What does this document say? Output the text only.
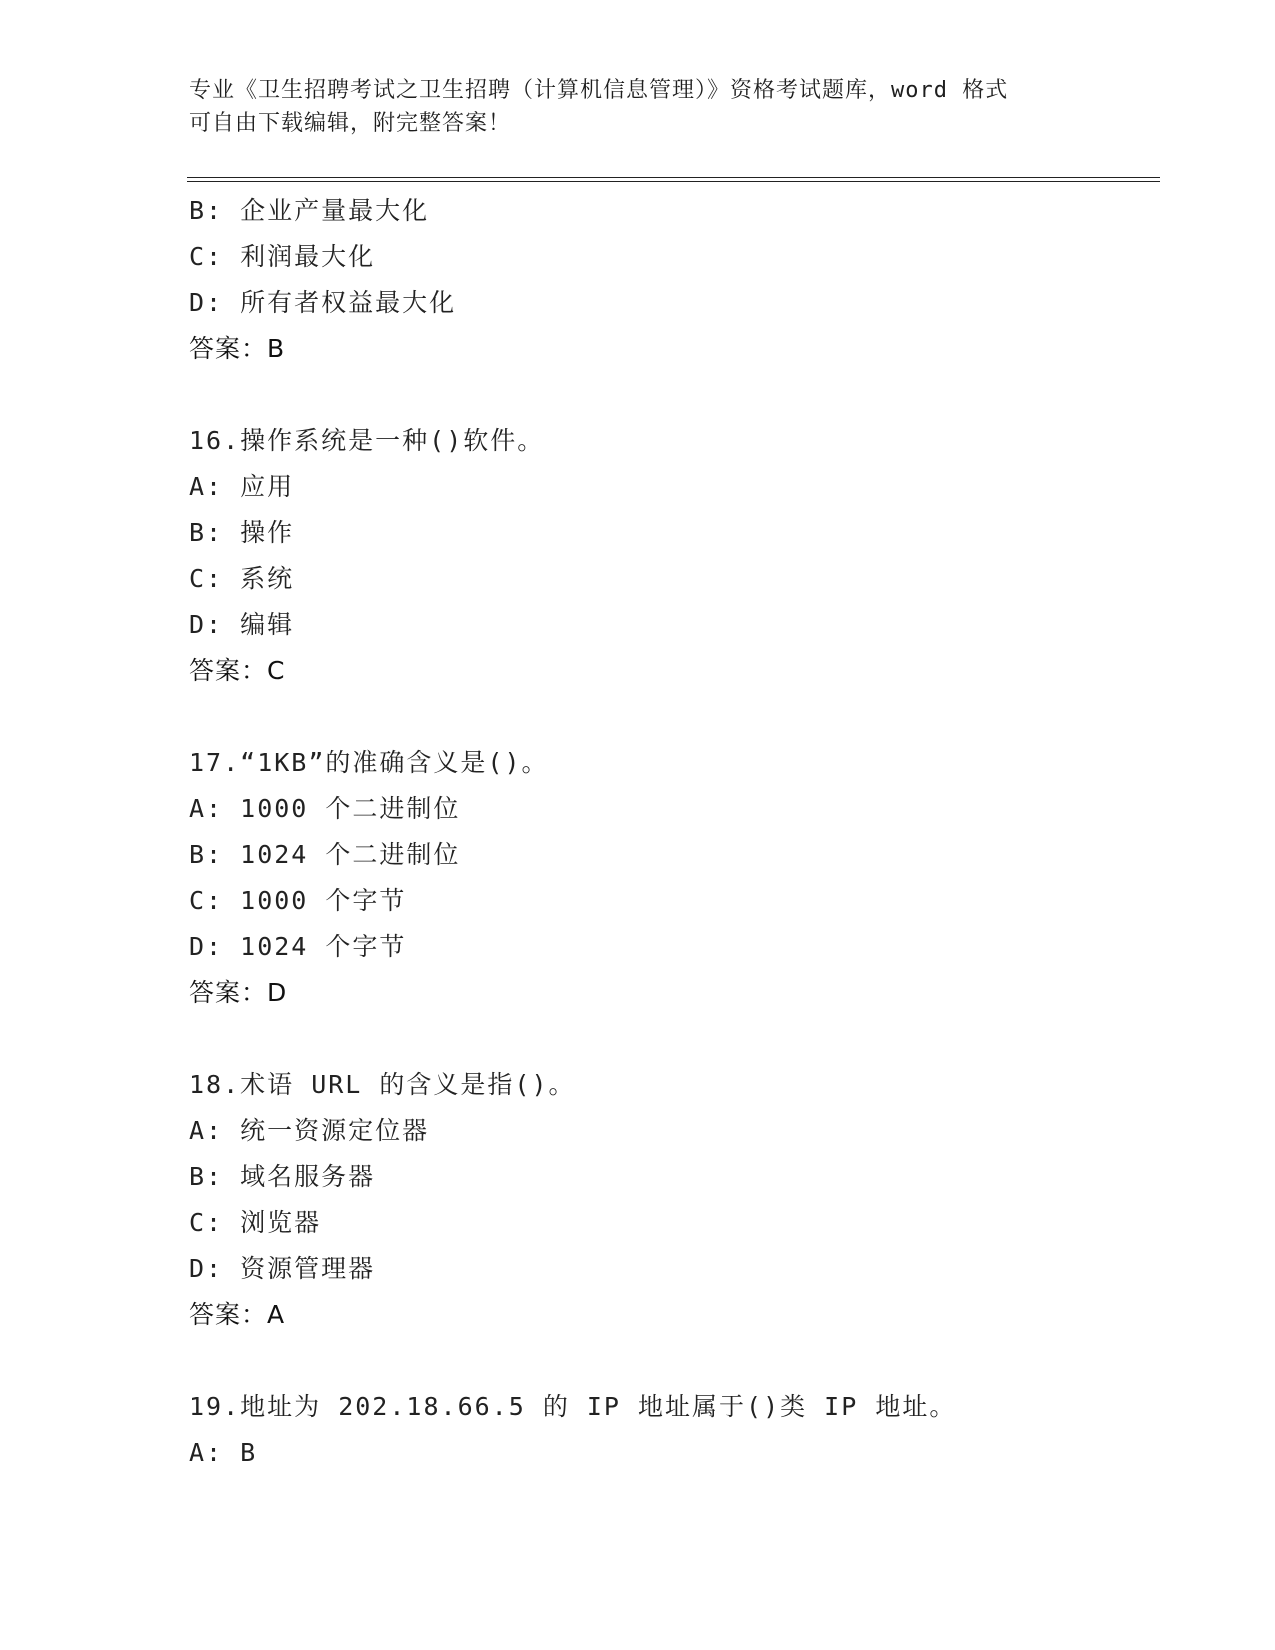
专业《卫生招聘考试之卫生招聘（计算机信息管理）》资格考试题库，word 格式
可自由下载编辑，附完整答案！
B: 企业产量最大化
C: 利润最大化
D: 所有者权益最大化
答案：B
16.操作系统是一种()软件。
A: 应用
B: 操作
C: 系统
D: 编辑
答案：C
17.“1KB”的准确含义是()。
A: 1000 个二进制位
B: 1024 个二进制位
C: 1000 个字节
D: 1024 个字节
答案：D
18.术语 URL 的含义是指()。
A: 统一资源定位器
B: 域名服务器
C: 浏览器
D: 资源管理器
答案：A
19.地址为 202.18.66.5 的 IP 地址属于()类 IP 地址。
A: B
